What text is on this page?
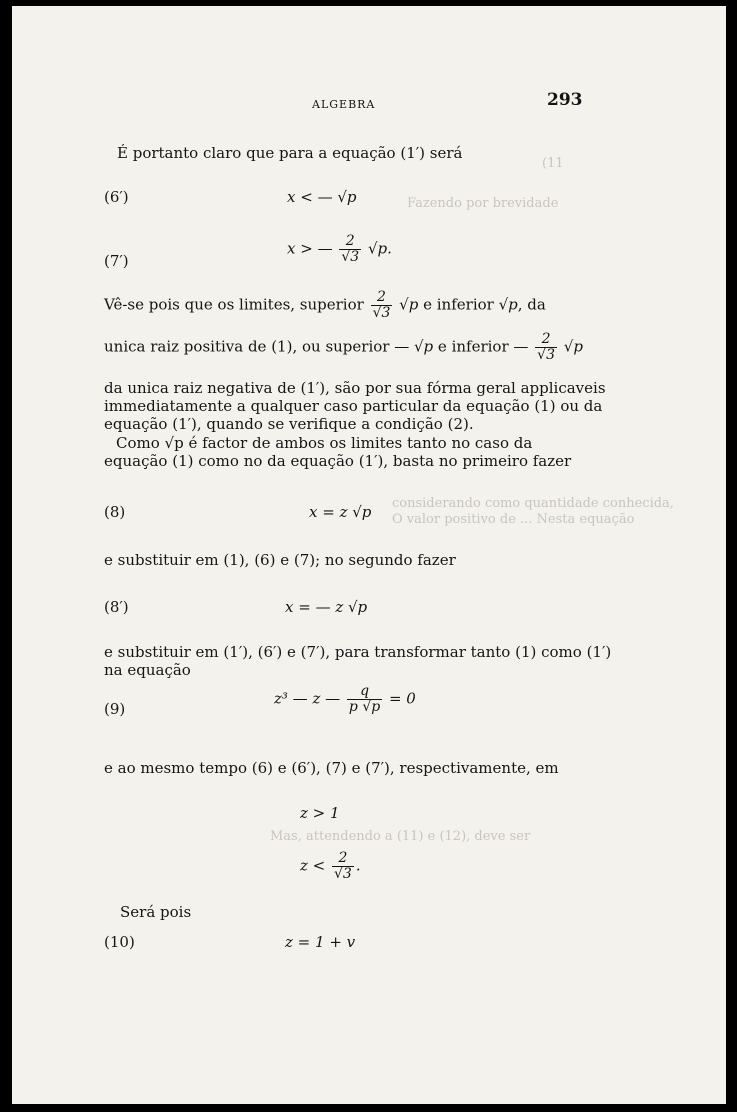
(11
Fazendo por brevidade
considerando como quantidade conhecida,
O valor positivo de ... Nesta equação
Mas, attendendo a (11) e (12), deve ser
ALGEBRA	293
É portanto claro que para a equação (1′) será
(6′)	x < — √p
(7′)
x > — $\frac{2}{√3} √p$.
Vê-se pois que os limites, superior $\frac{2}{√3} √p$ e inferior √p, da
unica raiz positiva de (1), ou superior — √p e inferior — $\frac{2}{√3} √p$
da unica raiz negativa de (1′), são por sua fórma geral applicaveis
immediatamente a qualquer caso particular da equação (1) ou da
equação (1′), quando se verifique a condição (2).
Como √p é factor de ambos os limites tanto no caso da
equação (1) como no da equação (1′), basta no primeiro fazer
(8)	x = z √p
e substituir em (1), (6) e (7); no segundo fazer
(8′)	x = — z √p
e substituir em (1′), (6′) e (7′), para transformar tanto (1) como (1′)
na equação
(9)
z³ — z — $\frac{q}{p √p} = 0$
e ao mesmo tempo (6) e (6′), (7) e (7′), respectivamente, em
z > 1
$z < \frac{2}{√3}$ .
Será pois
(10)	z = 1 + v
